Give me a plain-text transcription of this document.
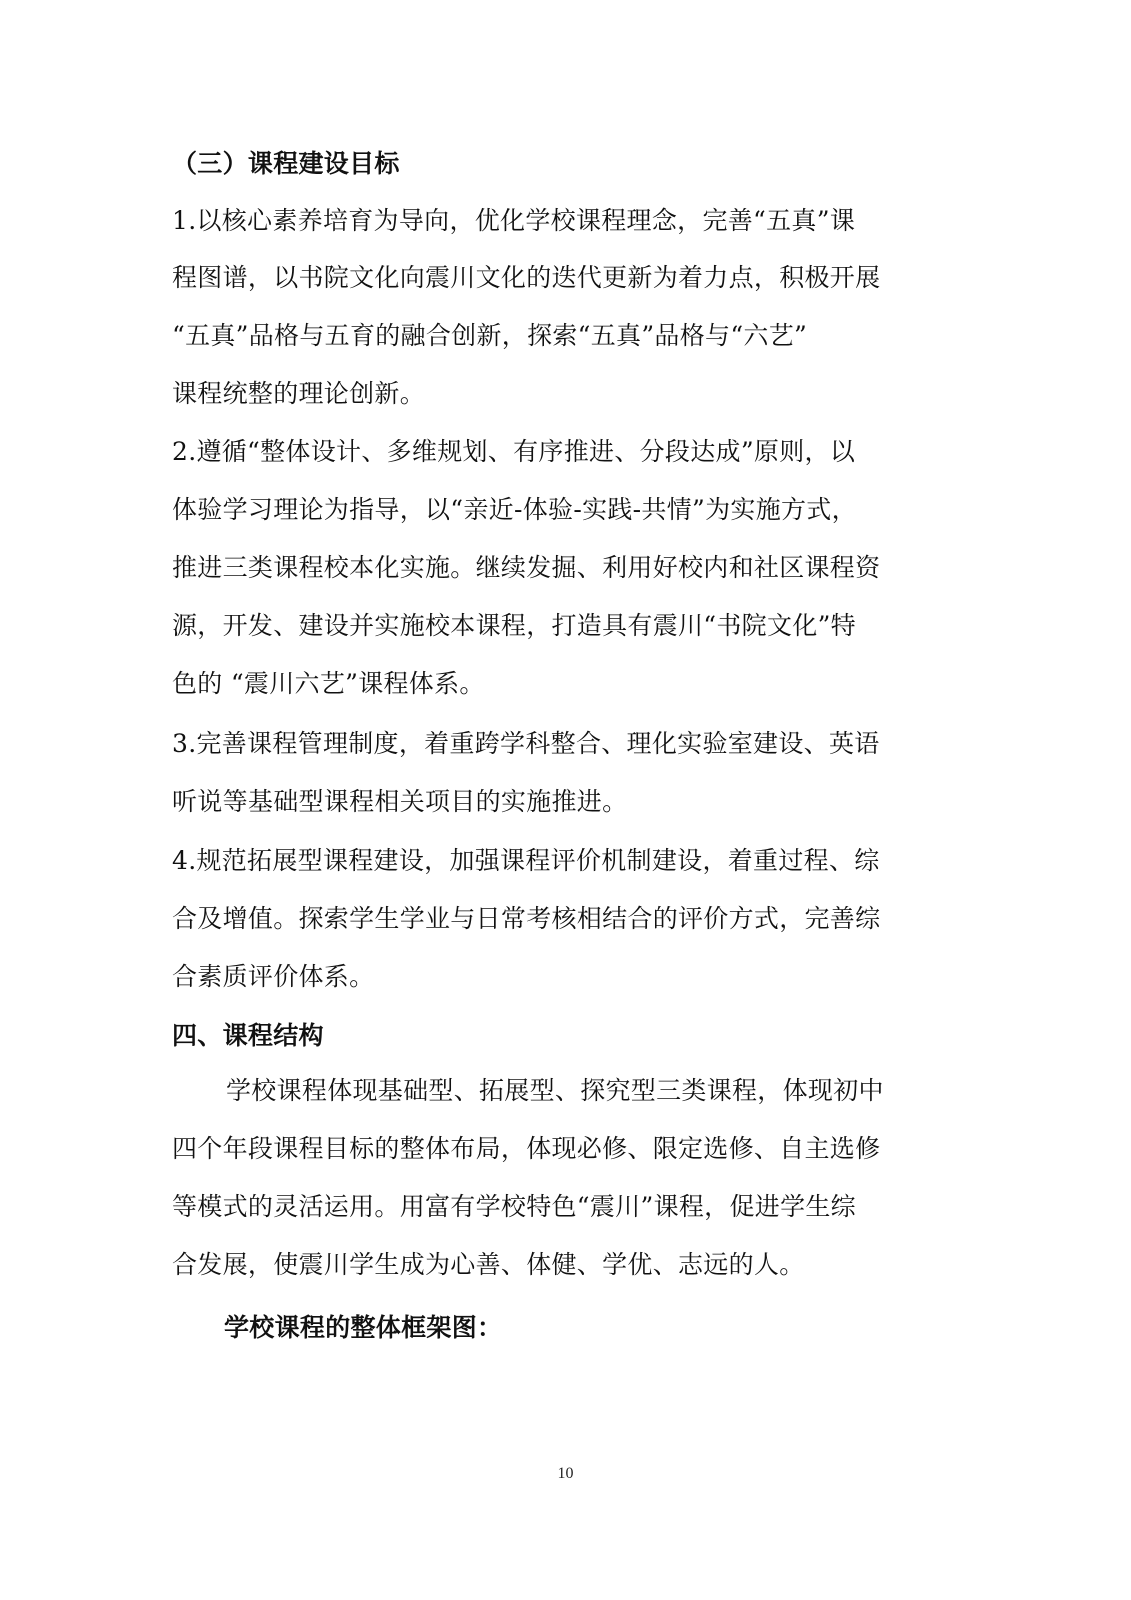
（三）课程建设目标
1.以核心素养培育为导向，优化学校课程理念，完善“五真”课
程图谱，以书院文化向震川文化的迭代更新为着力点，积极开展
“五真”品格与五育的融合创新，探索“五真”品格与“六艺”
课程统整的理论创新。
2.遵循“整体设计、多维规划、有序推进、分段达成”原则，以
体验学习理论为指导，以“亲近-体验-实践-共情”为实施方式，
推进三类课程校本化实施。继续发掘、利用好校内和社区课程资
源，开发、建设并实施校本课程，打造具有震川“书院文化”特
色的 “震川六艺”课程体系。
3.完善课程管理制度，着重跨学科整合、理化实验室建设、英语
听说等基础型课程相关项目的实施推进。
4.规范拓展型课程建设，加强课程评价机制建设，着重过程、综
合及增值。探索学生学业与日常考核相结合的评价方式，完善综
合素质评价体系。
四、课程结构
学校课程体现基础型、拓展型、探究型三类课程，体现初中
四个年段课程目标的整体布局，体现必修、限定选修、自主选修
等模式的灵活运用。用富有学校特色“震川”课程，促进学生综
合发展，使震川学生成为心善、体健、学优、志远的人。
学校课程的整体框架图：
10
